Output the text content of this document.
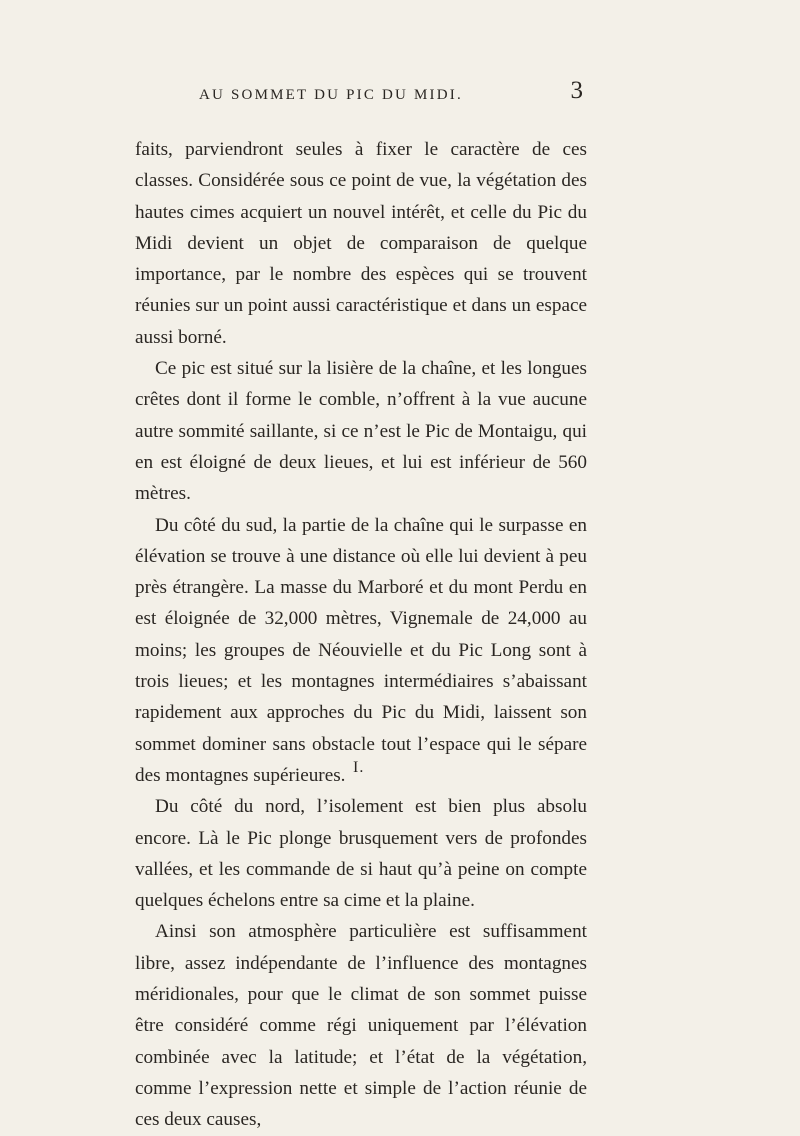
AU SOMMET DU PIC DU MIDI.	3

faits, parviendront seules à fixer le caractère de ces classes. Considérée sous ce point de vue, la végétation des hautes cimes acquiert un nouvel intérêt, et celle du Pic du Midi devient un objet de comparaison de quelque importance, par le nombre des espèces qui se trouvent réunies sur un point aussi caractéristique et dans un espace aussi borné.

Ce pic est situé sur la lisière de la chaîne, et les longues crêtes dont il forme le comble, n’offrent à la vue aucune autre sommité saillante, si ce n’est le Pic de Montaigu, qui en est éloigné de deux lieues, et lui est inférieur de 560 mètres.

Du côté du sud, la partie de la chaîne qui le surpasse en élévation se trouve à une distance où elle lui devient à peu près étrangère. La masse du Marboré et du mont Perdu en est éloignée de 32,000 mètres, Vignemale de 24,000 au moins; les groupes de Néouvielle et du Pic Long sont à trois lieues; et les montagnes intermédiaires s’abaissant rapidement aux approches du Pic du Midi, laissent son sommet dominer sans obstacle tout l’espace qui le sépare des montagnes supérieures.

Du côté du nord, l’isolement est bien plus absolu encore. Là le Pic plonge brusquement vers de profondes vallées, et les commande de si haut qu’à peine on compte quelques échelons entre sa cime et la plaine.

Ainsi son atmosphère particulière est suffisamment libre, assez indépendante de l’influence des montagnes méridionales, pour que le climat de son sommet puisse être considéré comme régi uniquement par l’élévation combinée avec la latitude; et l’état de la végétation, comme l’expression nette et simple de l’action réunie de ces deux causes,

I.
